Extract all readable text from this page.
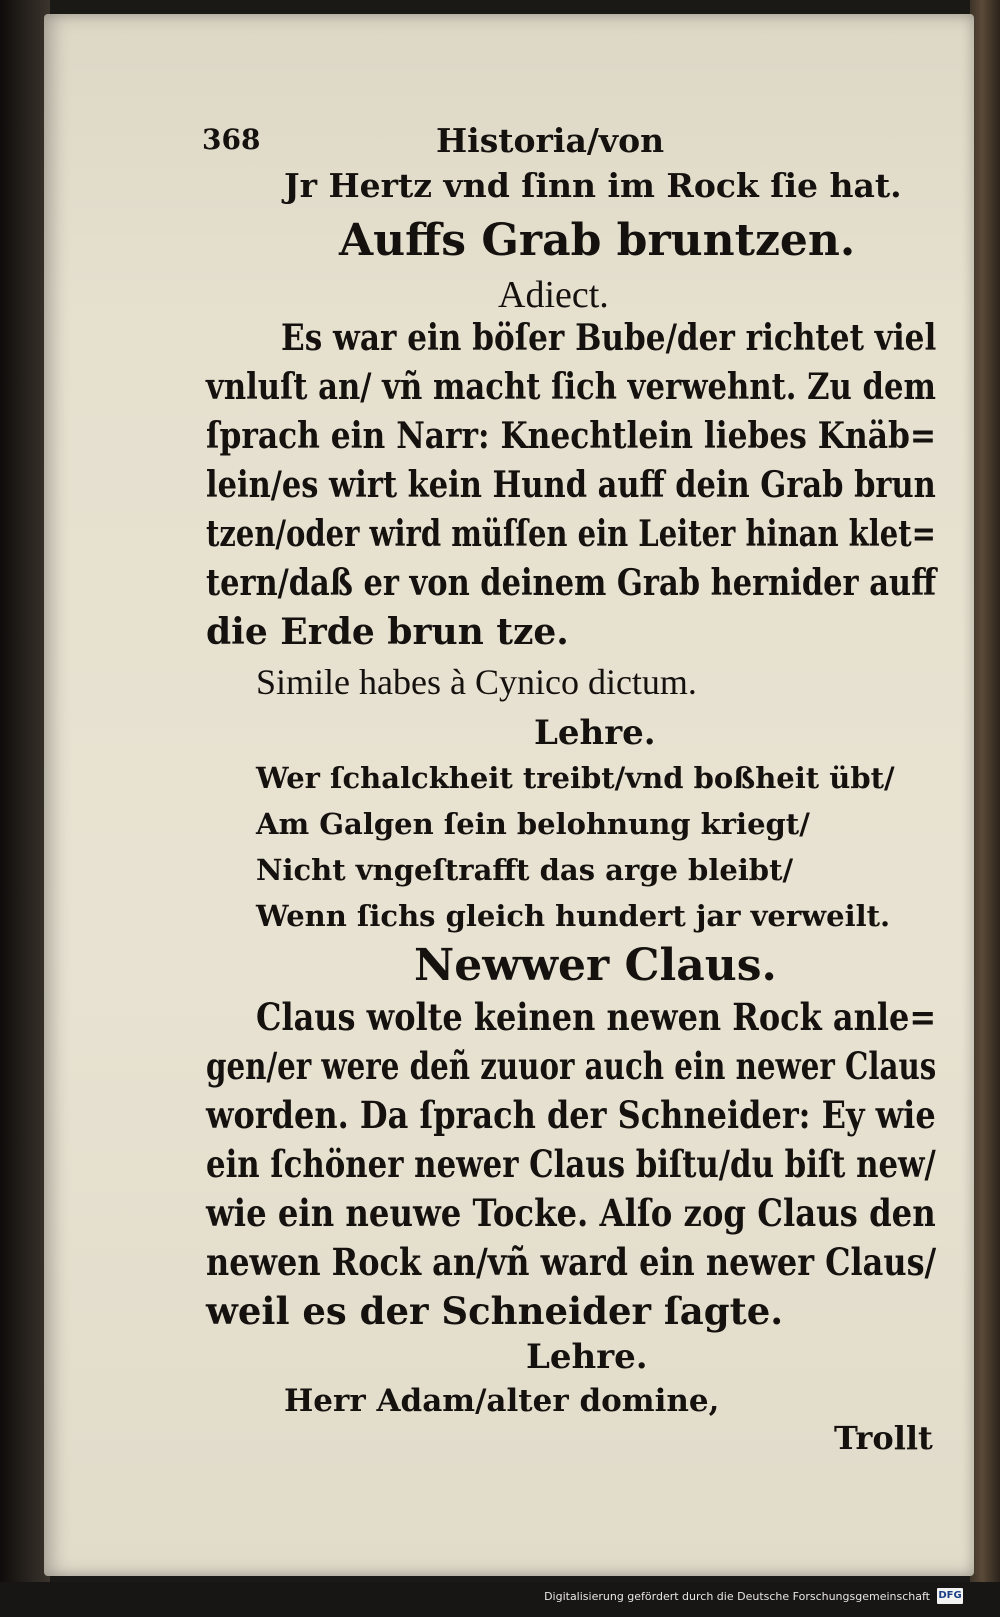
368	Historia/von
Jr Hertz vnd ſinn im Rock ſie hat.
Auffs Grab bruntzen.
Adiect.
Es war ein böſer Bube/der richtet viel
vnluſt an/ vñ macht ſich verwehnt. Zu dem
ſprach ein Narr: Knechtlein liebes Knäb=
lein/es wirt kein Hund auff dein Grab brun
tzen/oder wird müſſen ein Leiter hinan klet=
tern/daß er von deinem Grab hernider auff
die Erde brun tze.
Simile habes à Cynico dictum.
Lehre.
Wer ſchalckheit treibt/vnd boßheit übt/
Am Galgen ſein belohnung kriegt/
Nicht vngeſtrafft das arge bleibt/
Wenn ſichs gleich hundert jar verweilt.
Newwer Claus.
Claus wolte keinen newen Rock anle=
gen/er were deñ zuuor auch ein newer Claus
worden. Da ſprach der Schneider: Ey wie
ein ſchöner newer Claus biſtu/du biſt new/
wie ein neuwe Tocke. Alſo zog Claus den
newen Rock an/vñ ward ein newer Claus/
weil es der Schneider ſagte.
Lehre.
Herr Adam/alter domine,
Trollt
Digitalisierung gefördert durch die Deutsche Forschungsgemeinschaft DFG
